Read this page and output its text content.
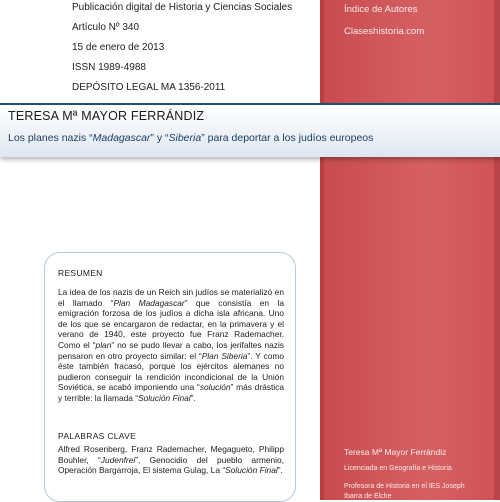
Publicación digital de Historia y Ciencias Sociales
Artículo Nº 340
15 de enero de 2013
ISSN 1989-4988
DEPÓSITO LEGAL MA 1356-2011
Índice de Autores
Claseshistoria.com
Teresa Mª Mayor Ferrándiz
Licenciada en Geografía e Historia
Profesora de Historia en el IES Joseph
Ibarra de Elche
TERESA Mª MAYOR FERRÁNDIZ
Los planes nazis “Madagascar” y “Siberia” para deportar a los judíos europeos
RESUMEN
La idea de los nazis de un Reich sin judíos se materializó en el llamado “Plan Madagascar” que consistía en la emigración forzosa de los judíos a dicha isla africana. Uno de los que se encargaron de redactar, en la primavera y el verano de 1940, este proyecto fue Franz Rademacher. Como el “plan” no se pudo llevar a cabo, los jerifaltes nazis pensaron en otro proyecto similar: el “Plan Siberia”. Y como éste también fracasó, porque los ejércitos alemanes no pudieron conseguir la rendición incondicional de la Unión Soviética, se acabó imponiendo una “solución” más drástica y terrible: la llamada “Solución Final”.
PALABRAS CLAVE
Alfred Rosenberg, Franz Rademacher, Megagueto, Philipp Bouhler, “Judenfrei”, Genocidio del pueblo armenio, Operación Bargarroja, El sistema Gulag, La “Solución Final”.
